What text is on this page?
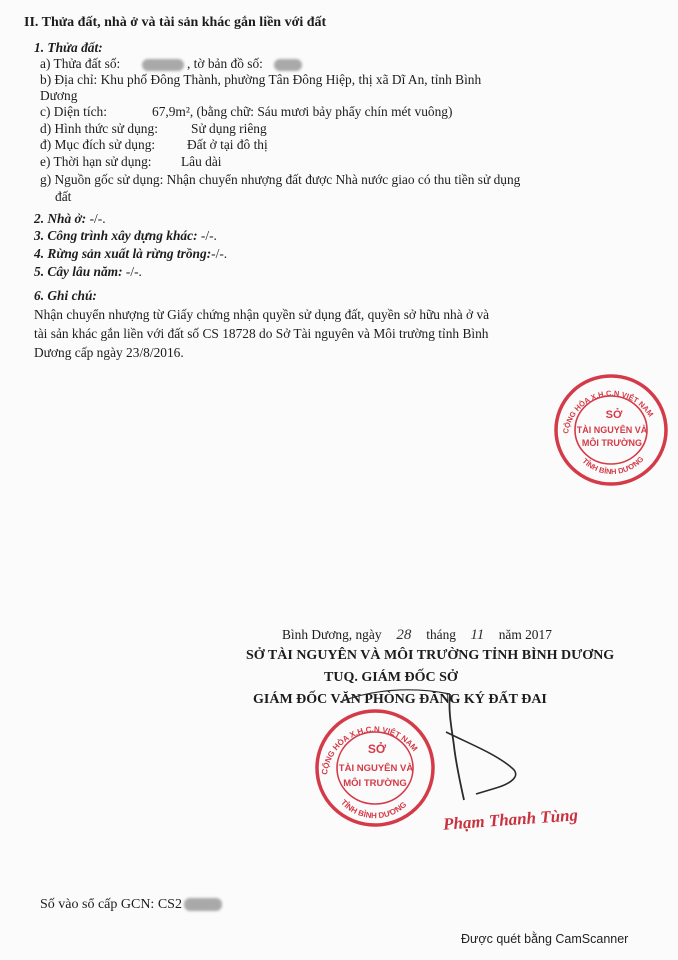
II. Thửa đất, nhà ở và tài sản khác gắn liền với đất
1. Thửa đất:
a) Thửa đất số:	, tờ bản đồ số:
b) Địa chỉ: Khu phố Đông Thành, phường Tân Đông Hiệp, thị xã Dĩ An, tỉnh Bình
Dương
c) Diện tích:	67,9m², (bằng chữ: Sáu mươi bảy phẩy chín mét vuông)
d) Hình thức sử dụng: Sử dụng riêng
đ) Mục đích sử dụng: Đất ở tại đô thị
e) Thời hạn sử dụng: Lâu dài
g) Nguồn gốc sử dụng: Nhận chuyển nhượng đất được Nhà nước giao có thu tiền sử dụng
đất
2. Nhà ở: -/-.
3. Công trình xây dựng khác: -/-.
4. Rừng sản xuất là rừng trồng:-/-.
5. Cây lâu năm: -/-.
6. Ghi chú:
Nhận chuyển nhượng từ Giấy chứng nhận quyền sử dụng đất, quyền sở hữu nhà ở và
tài sản khác gắn liền với đất số CS 18728 do Sở Tài nguyên và Môi trường tỉnh Bình
Dương cấp ngày 23/8/2016.
CỘNG HÒA X.H.C.N VIỆT NAM
TỈNH BÌNH DƯƠNG
SỞ
TÀI NGUYÊN VÀ
MÔI TRƯỜNG
Bình Dương, ngày 28 tháng 11 năm 2017
SỞ TÀI NGUYÊN VÀ MÔI TRƯỜNG TỈNH BÌNH DƯƠNG
TUQ. GIÁM ĐỐC SỞ
GIÁM ĐỐC VĂN PHÒNG ĐĂNG KÝ ĐẤT ĐAI
CỘNG HÒA X.H.C.N VIỆT NAM
TỈNH BÌNH DƯƠNG
SỞ
TÀI NGUYÊN VÀ
MÔI TRƯỜNG
Phạm Thanh Tùng
Số vào sổ cấp GCN: CS2
Được quét bằng CamScanner
